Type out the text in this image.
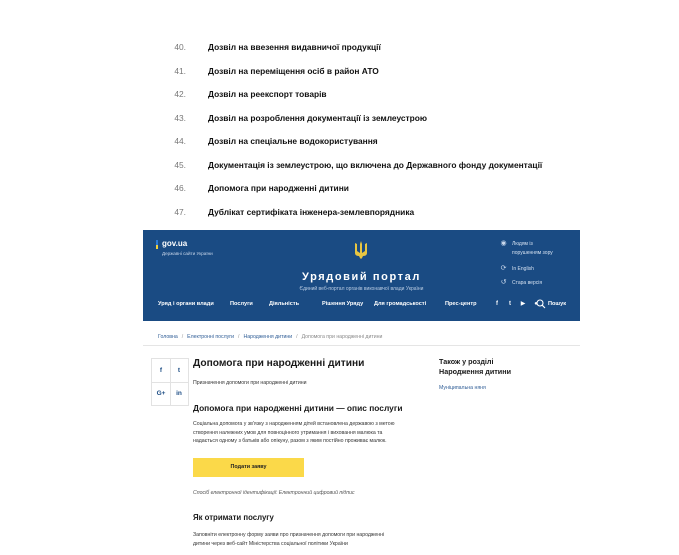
40.	Дозвіл на ввезення видавничої продукції
41.	Дозвіл на переміщення осіб в район АТО
42.	Дозвіл на реекспорт товарів
43.	Дозвіл на розроблення документації із землеустрою
44.	Дозвіл на спеціальне водокористування
45.	Документація із землеустрою, що включена до Державного фонду документації
46.	Допомога при народженні дитини
47.	Дублікат сертифіката інженера-землевпорядника
gov.ua
Державні сайти України
Урядовий портал
Єдиний веб-портал органів виконавчої влади України
◉ Людям із
порушенням зору
⟳	In English
↺	Стара версія
Уряд і органи влади	Послуги	Діяльність	Рішення Уряду Для громадськості	Прес-центр	f	t	▶	●	Пошук
Головна / Електронні послуги / Народження дитини / Допомога при народженні дитини
f	t
G+	in
Допомога при народженні дитини
Призначення допомоги при народженні дитини
Допомога при народженні дитини — опис послуги
Соціальна допомога у зв'язку з народженням дітей встановлена державою з метою
створення належних умов для повноцінного утримання і виховання малюка та
надається одному з батьків або опікуну, разом з яким постійно проживає малюк.
Подати заяву
Спосіб електронної ідентифікації: Електронний цифровий підпис
Як отримати послугу
Заповніти електронну форму заяви про призначення допомоги при народженні
дитини через веб-сайт Міністерства соціальної політики України
Також у розділі
Народження дитини
Муніципальна няня
